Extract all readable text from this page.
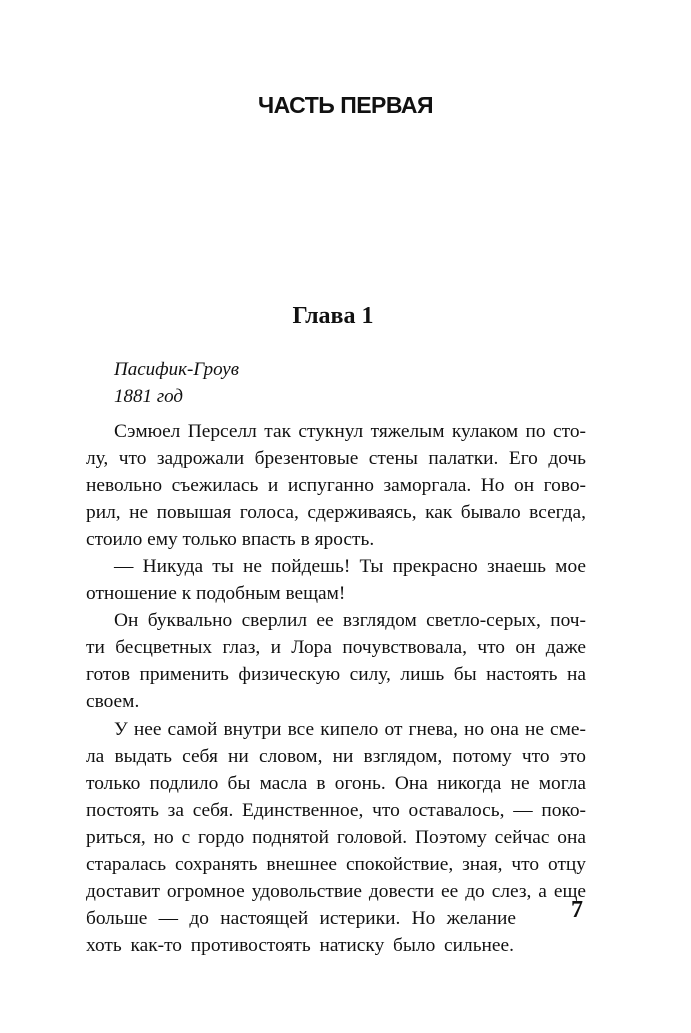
ЧАСТЬ ПЕРВАЯ
Глава 1
Пасифик-Гроув
1881 год
Сэмюел Перселл так стукнул тяжелым кулаком по сто-
лу, что задрожали брезентовые стены палатки. Его дочь
невольно съежилась и испуганно заморгала. Но он гово-
рил, не повышая голоса, сдерживаясь, как бывало всегда,
стоило ему только впасть в ярость.
— Никуда ты не пойдешь! Ты прекрасно знаешь мое
отношение к подобным вещам!
Он буквально сверлил ее взглядом светло-серых, поч-
ти бесцветных глаз, и Лора почувствовала, что он даже
готов применить физическую силу, лишь бы настоять на
своем.
У нее самой внутри все кипело от гнева, но она не сме-
ла выдать себя ни словом, ни взглядом, потому что это
только подлило бы масла в огонь. Она никогда не могла
постоять за себя. Единственное, что оставалось, — поко-
риться, но с гордо поднятой головой. Поэтому сейчас она
старалась сохранять внешнее спокойствие, зная, что отцу
доставит огромное удовольствие довести ее до слез, а еще
больше — до настоящей истерики. Но желание
хоть как-то противостоять натиску было сильнее.
7
